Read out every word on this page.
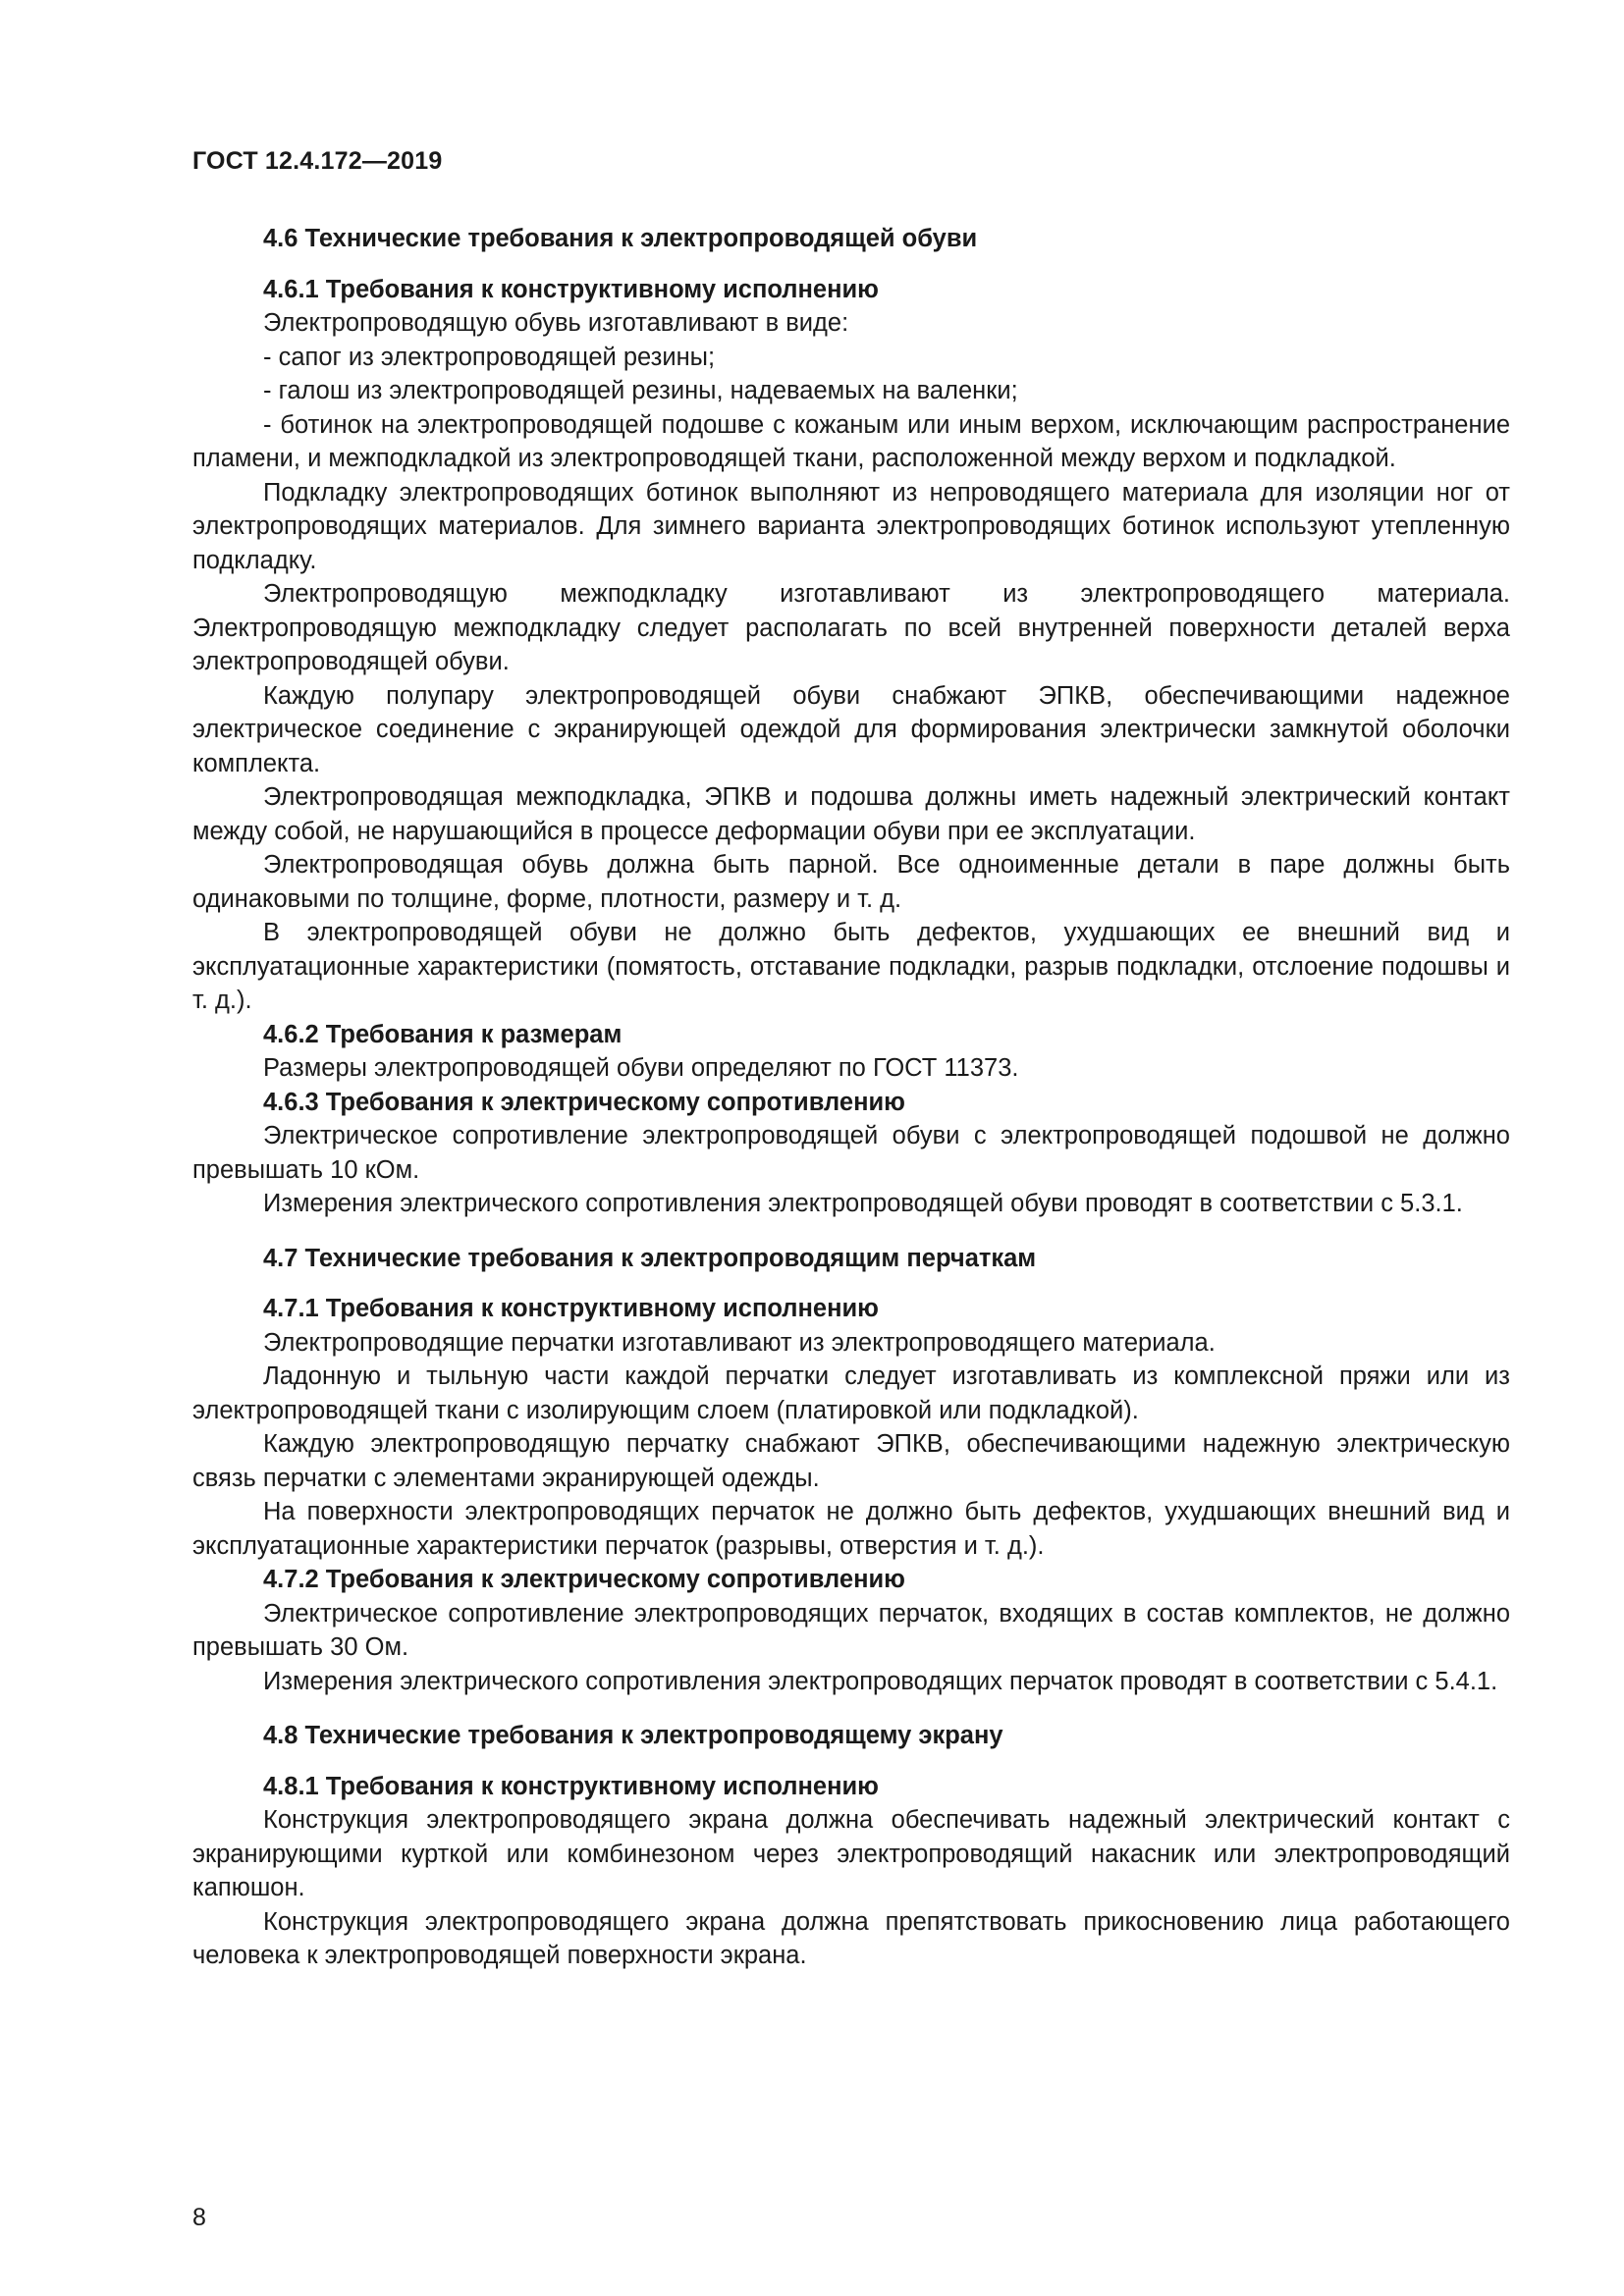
ГОСТ 12.4.172—2019

4.6 Технические требования к электропроводящей обуви

4.6.1 Требования к конструктивному исполнению

Электропроводящую обувь изготавливают в виде:

- сапог из электропроводящей резины;

- галош из электропроводящей резины, надеваемых на валенки;

- ботинок на электропроводящей подошве с кожаным или иным верхом, исключающим распространение пламени, и межподкладкой из электропроводящей ткани, расположенной между верхом и подкладкой.

Подкладку электропроводящих ботинок выполняют из непроводящего материала для изоляции ног от электропроводящих материалов. Для зимнего варианта электропроводящих ботинок используют утепленную подкладку.

Электропроводящую межподкладку изготавливают из электропроводящего материала. Электропроводящую межподкладку следует располагать по всей внутренней поверхности деталей верха электропроводящей обуви.

Каждую полупару электропроводящей обуви снабжают ЭПКВ, обеспечивающими надежное электрическое соединение с экранирующей одеждой для формирования электрически замкнутой оболочки комплекта.

Электропроводящая межподкладка, ЭПКВ и подошва должны иметь надежный электрический контакт между собой, не нарушающийся в процессе деформации обуви при ее эксплуатации.

Электропроводящая обувь должна быть парной. Все одноименные детали в паре должны быть одинаковыми по толщине, форме, плотности, размеру и т. д.

В электропроводящей обуви не должно быть дефектов, ухудшающих ее внешний вид и эксплуатационные характеристики (помятость, отставание подкладки, разрыв подкладки, отслоение подошвы и т. д.).

4.6.2 Требования к размерам

Размеры электропроводящей обуви определяют по ГОСТ 11373.

4.6.3 Требования к электрическому сопротивлению

Электрическое сопротивление электропроводящей обуви с электропроводящей подошвой не должно превышать 10 кОм.

Измерения электрического сопротивления электропроводящей обуви проводят в соответствии с 5.3.1.

4.7 Технические требования к электропроводящим перчаткам

4.7.1 Требования к конструктивному исполнению

Электропроводящие перчатки изготавливают из электропроводящего материала.

Ладонную и тыльную части каждой перчатки следует изготавливать из комплексной пряжи или из электропроводящей ткани с изолирующим слоем (платировкой или подкладкой).

Каждую электропроводящую перчатку снабжают ЭПКВ, обеспечивающими надежную электрическую связь перчатки с элементами экранирующей одежды.

На поверхности электропроводящих перчаток не должно быть дефектов, ухудшающих внешний вид и эксплуатационные характеристики перчаток (разрывы, отверстия и т. д.).

4.7.2 Требования к электрическому сопротивлению

Электрическое сопротивление электропроводящих перчаток, входящих в состав комплектов, не должно превышать 30 Ом.

Измерения электрического сопротивления электропроводящих перчаток проводят в соответствии с 5.4.1.

4.8 Технические требования к электропроводящему экрану

4.8.1 Требования к конструктивному исполнению

Конструкция электропроводящего экрана должна обеспечивать надежный электрический контакт с экранирующими курткой или комбинезоном через электропроводящий накасник или электропроводящий капюшон.

Конструкция электропроводящего экрана должна препятствовать прикосновению лица работающего человека к электропроводящей поверхности экрана.

8
